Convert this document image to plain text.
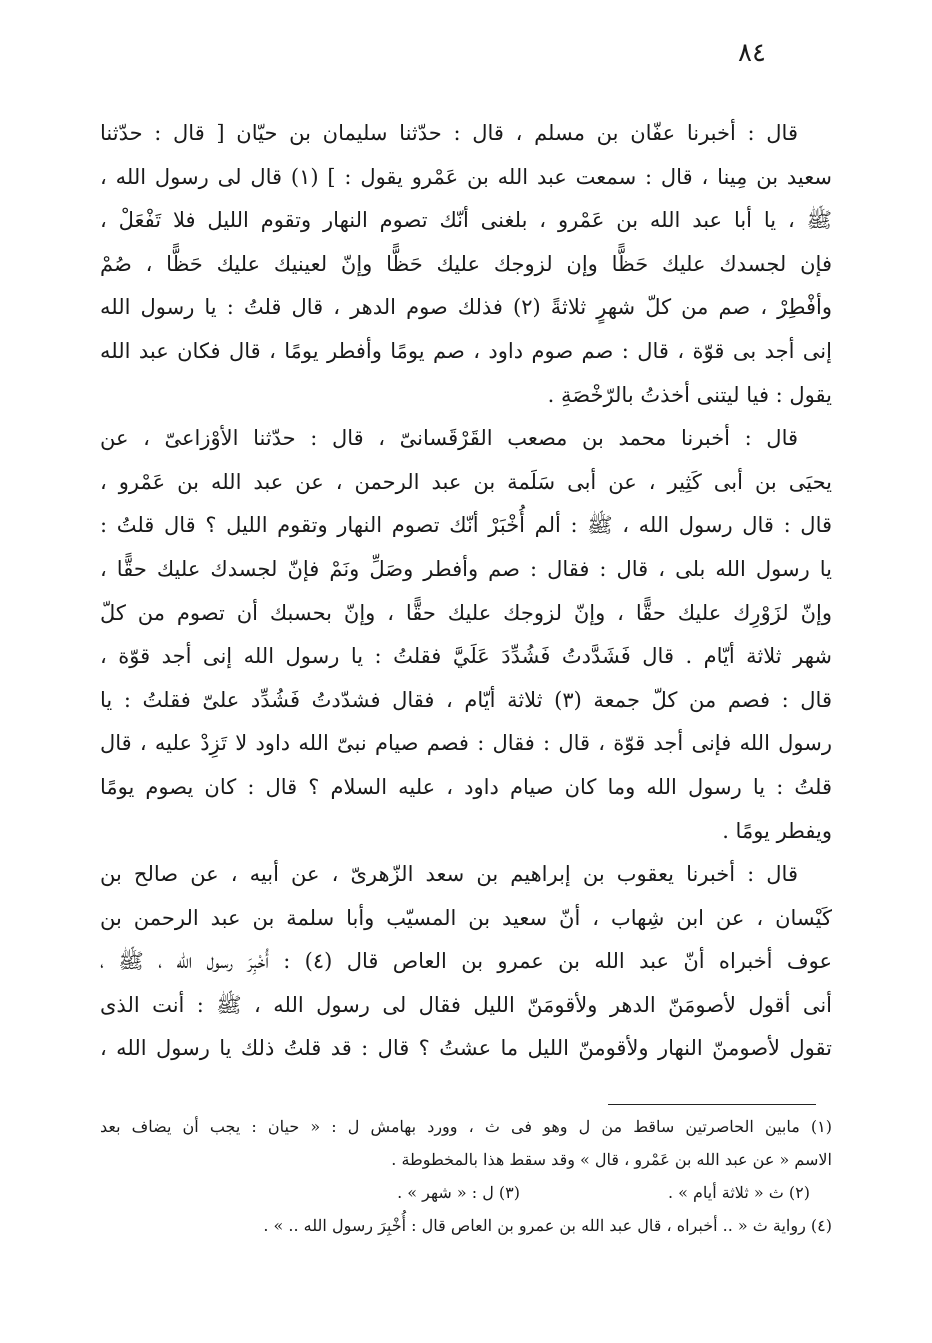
٨٤
قال : أخبرنا عفّان بن مسلم ، قال : حدّثنا سليمان بن حيّان [ قال : حدّثنا
سعيد بن مِينا ، قال : سمعت عبد الله بن عَمْرو يقول : ] (١) قال لى رسول الله ،
ﷺ ، يا أبا عبد الله بن عَمْرو ، بلغنى أنّك تصوم النهار وتقوم الليل فلا تَفْعَلْ ،
فإن لجسدك عليك حَظًّا وإن لزوجك عليك حَظًّا وإنّ لعينيك عليك حَظًّا ، صُمْ
وأفْطِرْ ، صم من كلّ شهرٍ ثلاثةً (٢) فذلك صوم الدهر ، قال قلتُ : يا رسول الله
إنى أجد بى قوّة ، قال : صم صوم داود ، صم يومًا وأفطر يومًا ، قال فكان عبد الله
يقول : فيا ليتنى أخذتُ بالرّخْصَةِ .
قال : أخبرنا محمد بن مصعب القَرْقَسانىّ ، قال : حدّثنا الأوْزاعىّ ، عن
يحيَى بن أبى كَثِير ، عن أبى سَلَمة بن عبد الرحمن ، عن عبد الله بن عَمْرو ،
قال : قال رسول الله ، ﷺ : ألم أُخْبَرْ أنّك تصوم النهار وتقوم الليل ؟ قال قلتُ :
يا رسول الله بلى ، قال : فقال : صم وأفطر وصَلِّ ونَمْ فإنّ لجسدك عليك حقًّا ،
وإنّ لزَوْرِك عليك حقًّا ، وإنّ لزوجك عليك حقًّا ، وإنّ بحسبك أن تصوم من كلّ
شهر ثلاثة أيّام . قال فَشَدَّدتُ فَشُدِّدَ عَلَيَّ فقلتُ : يا رسول الله إنى أجد قوّة ،
قال : فصم من كلّ جمعة (٣) ثلاثة أيّام ، فقال فشدّدتُ فَشُدِّد علىّ فقلتُ : يا
رسول الله فإنى أجد قوّة ، قال : فقال : فصم صيام نبىّ الله داود لا تَزِدْ عليه ، قال
قلتُ : يا رسول الله وما كان صيام داود ، عليه السلام ؟ قال : كان يصوم يومًا
ويفطر يومًا .
قال : أخبرنا يعقوب بن إبراهيم بن سعد الزّهرىّ ، عن أبيه ، عن صالح بن
كَيْسان ، عن ابن شِهاب ، أنّ سعيد بن المسيّب وأبا سلمة بن عبد الرحمن بن
عوف أخبراه أنّ عبد الله بن عمرو بن العاص قال (٤) : أُخْبِرَ رسول الله ، ﷺ ،
أنى أقول لأصومَنّ الدهر ولأقومَنّ الليل فقال لى رسول الله ، ﷺ : أنت الذى
تقول لأصومنّ النهار ولأقومنّ الليل ما عشتُ ؟ قال : قد قلتُ ذلك يا رسول الله ،
(١) مابين الحاصرتين ساقط من ل وهو فى ث ، وورد بهامش ل : « حيان : يجب أن يضاف بعد
الاسم « عن عبد الله بن عَمْرو ، قال » وقد سقط هذا بالمخطوطة .
(٢) ث « ثلاثة أيام » .
(٣) ل : « شهر » .
(٤) رواية ث « .. أخبراه ، قال عبد الله بن عمرو بن العاص قال : أُخْبِرَ رسول الله .. » .
